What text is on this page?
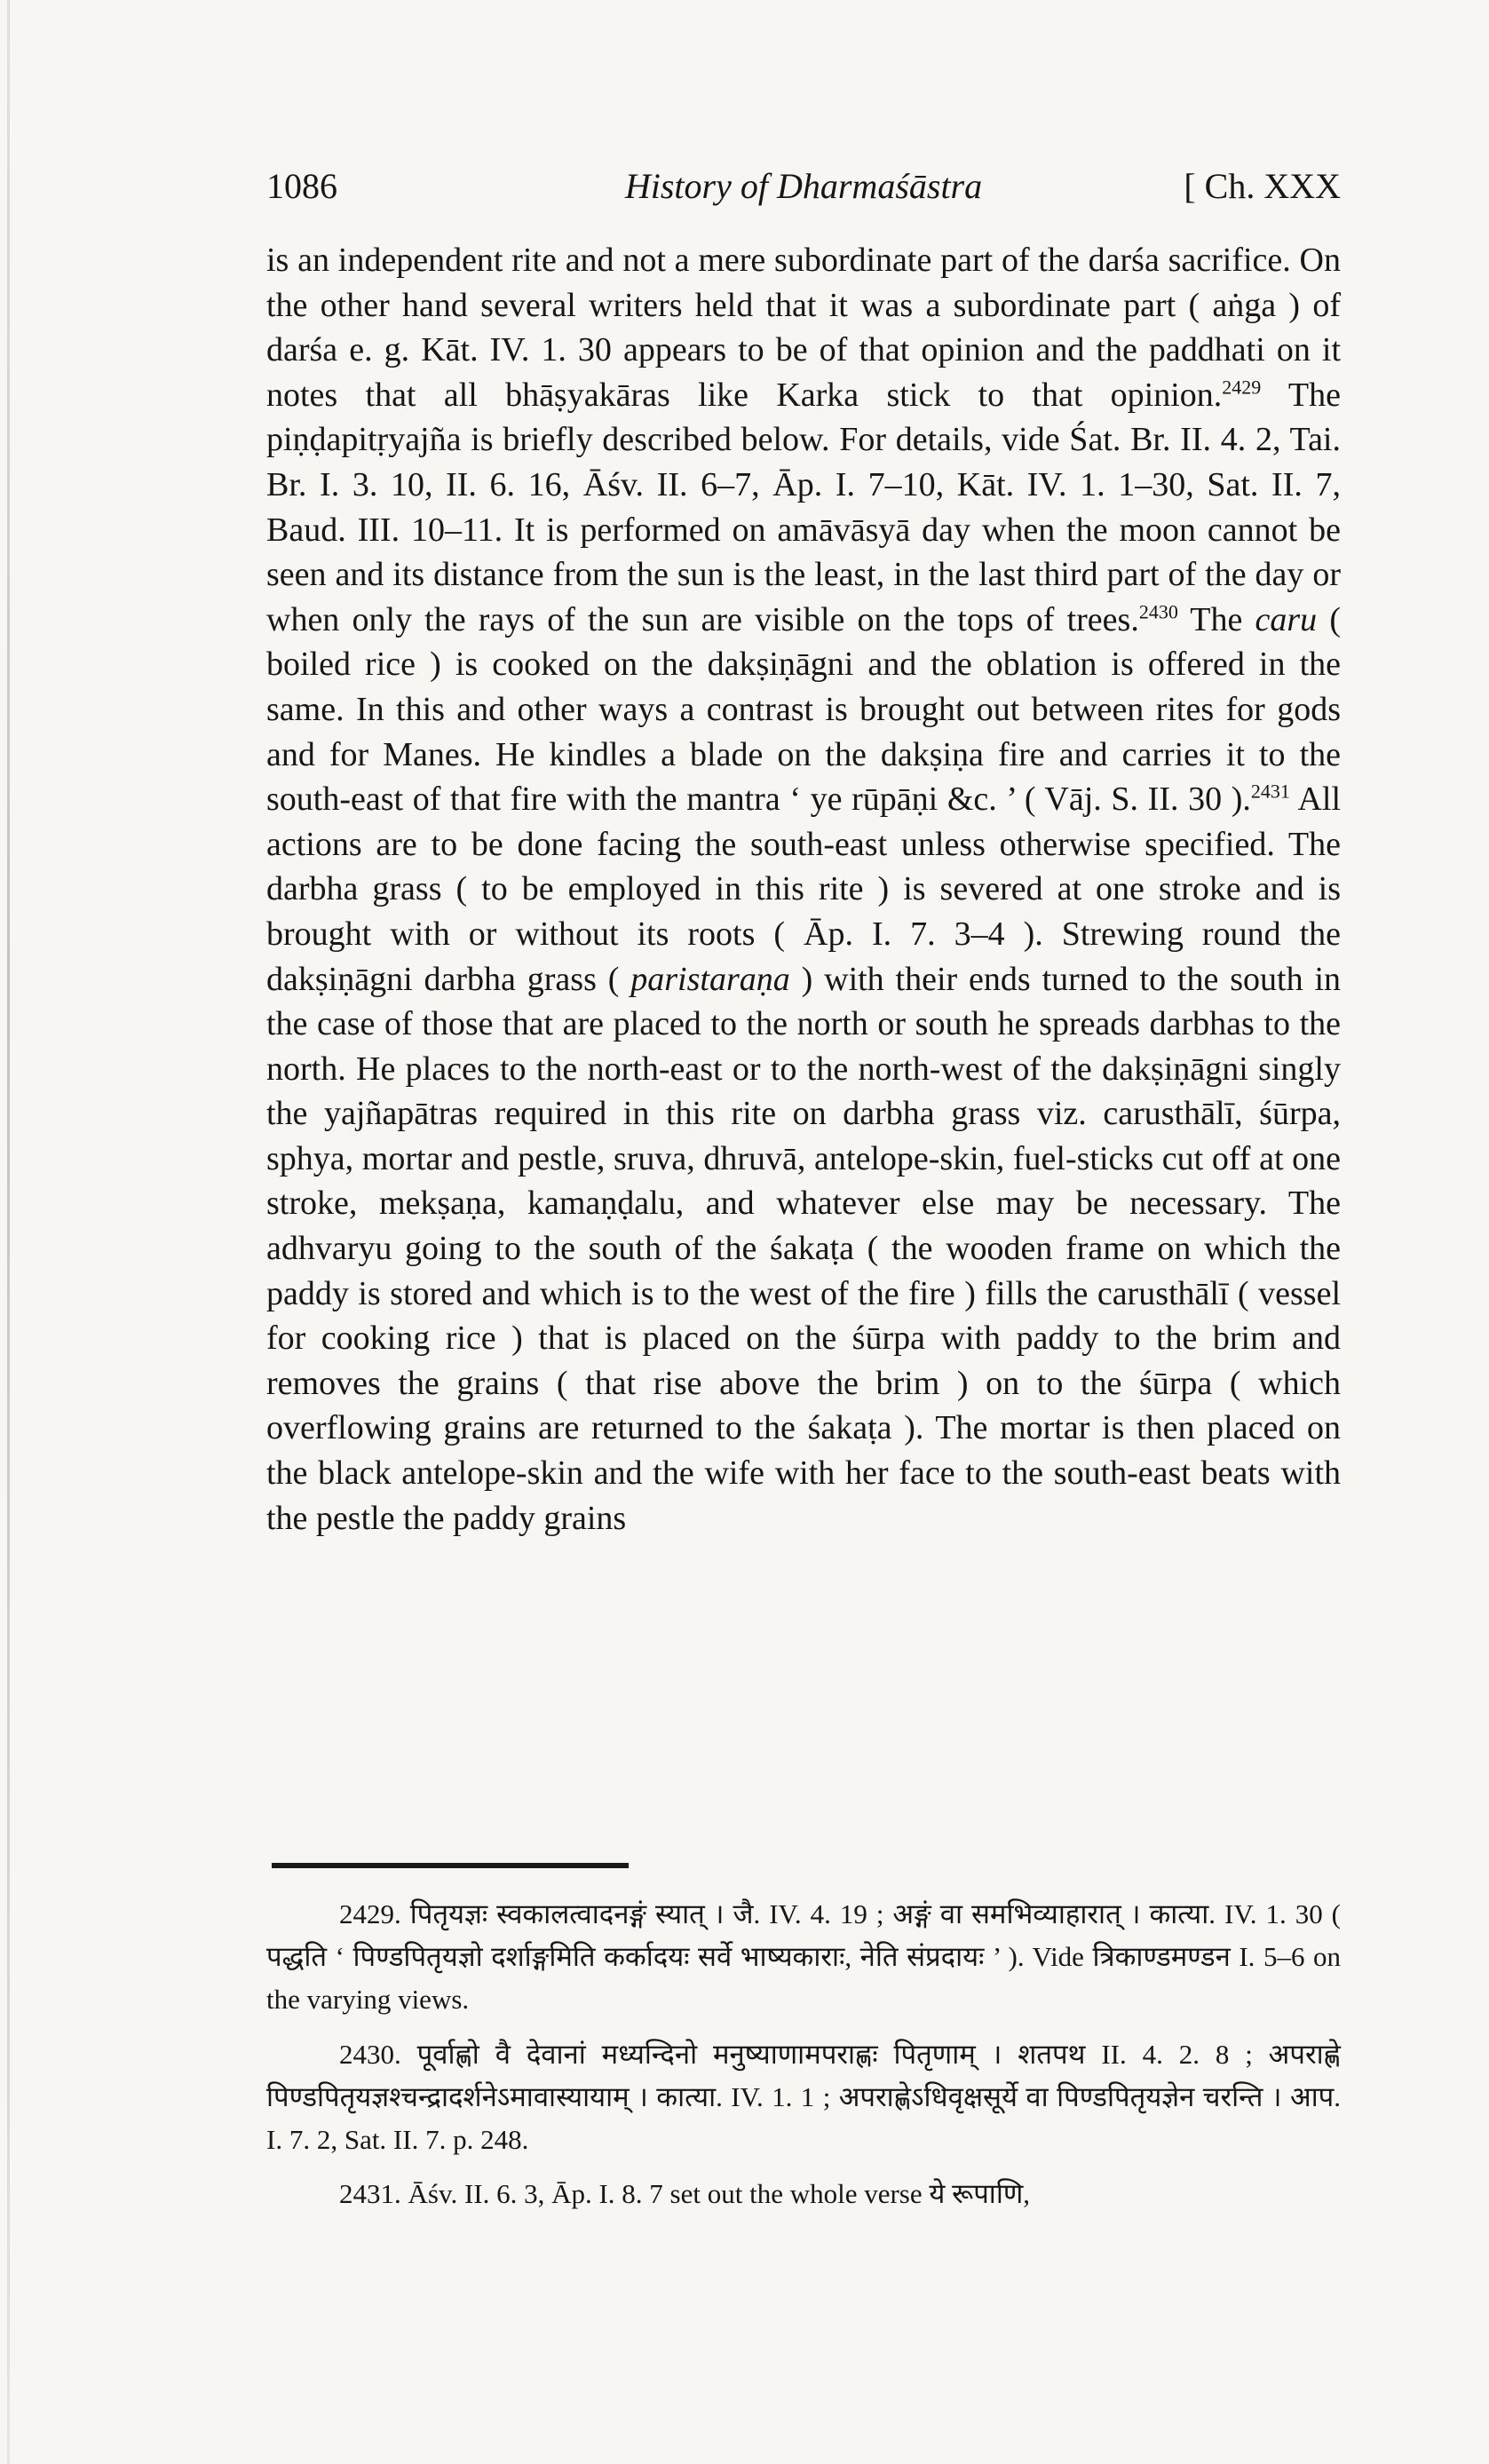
1086	History of Dharmaśāstra	[ Ch. XXX

is an independent rite and not a mere subordinate part of the darśa sacrifice. On the other hand several writers held that it was a subordinate part ( aṅga ) of darśa e. g. Kāt. IV. 1. 30 appears to be of that opinion and the paddhati on it notes that all bhāṣyakāras like Karka stick to that opinion.$^{2429}$ The piṇḍapitṛyajña is briefly described below. For details, vide Śat. Br. II. 4. 2, Tai. Br. I. 3. 10, II. 6. 16, Āśv. II. 6–7, Āp. I. 7–10, Kāt. IV. 1. 1–30, Sat. II. 7, Baud. III. 10–11. It is performed on amāvāsyā day when the moon cannot be seen and its distance from the sun is the least, in the last third part of the day or when only the rays of the sun are visible on the tops of trees.$^{2430}$ The caru ( boiled rice ) is cooked on the dakṣiṇāgni and the oblation is offered in the same. In this and other ways a contrast is brought out between rites for gods and for Manes. He kindles a blade on the dakṣiṇa fire and carries it to the south-east of that fire with the mantra ‘ ye rūpāṇi &c. ’ ( Vāj. S. II. 30 ).$^{2431}$ All actions are to be done facing the south-east unless otherwise specified. The darbha grass ( to be employed in this rite ) is severed at one stroke and is brought with or without its roots ( Āp. I. 7. 3–4 ). Strewing round the dakṣiṇāgni darbha grass ( paristaraṇa ) with their ends turned to the south in the case of those that are placed to the north or south he spreads darbhas to the north. He places to the north-east or to the north-west of the dakṣiṇāgni singly the yajñapātras required in this rite on darbha grass viz. carusthālī, śūrpa, sphya, mortar and pestle, sruva, dhruvā, antelope-skin, fuel-sticks cut off at one stroke, mekṣaṇa, kamaṇḍalu, and whatever else may be necessary. The adhvaryu going to the south of the śakaṭa ( the wooden frame on which the paddy is stored and which is to the west of the fire ) fills the carusthālī ( vessel for cooking rice ) that is placed on the śūrpa with paddy to the brim and removes the grains ( that rise above the brim ) on to the śūrpa ( which overflowing grains are returned to the śakaṭa ). The mortar is then placed on the black antelope-skin and the wife with her face to the south-east beats with the pestle the paddy grains

2429. पितृयज्ञः स्वकालत्वादनङ्गं स्यात् । जै. IV. 4. 19 ; अङ्गं वा समभिव्याहारात् । कात्या. IV. 1. 30 ( पद्धति ‘ पिण्डपितृयज्ञो दर्शाङ्गमिति कर्कादयः सर्वे भाष्यकाराः, नेति संप्रदायः ’ ). Vide त्रिकाण्डमण्डन I. 5–6 on the varying views.

2430. पूर्वाह्णो वै देवानां मध्यन्दिनो मनुष्याणामपराह्णः पितृणाम् । शतपथ II. 4. 2. 8 ; अपराह्णे पिण्डपितृयज्ञश्चन्द्रादर्शनेऽमावास्यायाम् । कात्या. IV. 1. 1 ; अपराह्णेऽधिवृक्षसूर्ये वा पिण्डपितृयज्ञेन चरन्ति । आप. I. 7. 2, Sat. II. 7. p. 248.

2431. Āśv. II. 6. 3, Āp. I. 8. 7 set out the whole verse ये रूपाणि,
